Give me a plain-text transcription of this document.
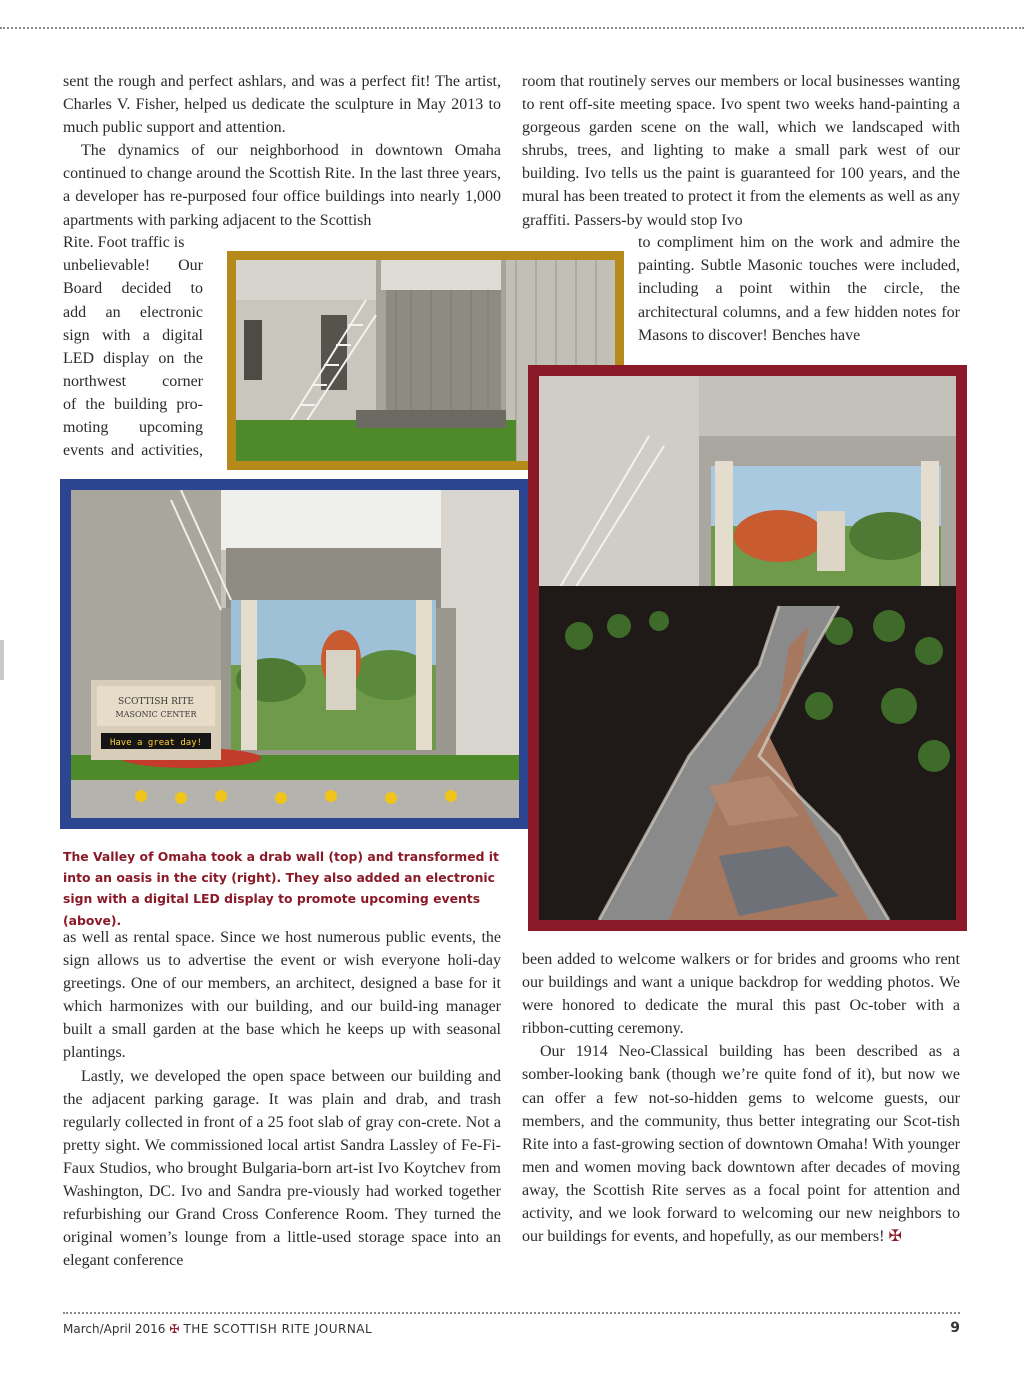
sent the rough and perfect ashlars, and was a perfect fit! The artist, Charles V. Fisher, helped us dedicate the sculpture in May 2013 to much public support and attention.

The dynamics of our neighborhood in downtown Omaha continued to change around the Scottish Rite. In the last three years, a developer has re-purposed four office buildings into nearly 1,000 apartments with parking adjacent to the Scottish

Rite. Foot traffic is
unbelievable! Our
Board decided to
add an electronic
sign with a digital
LED display on the
northwest corner
of the building pro-
moting upcoming
events and activities,

as well as rental space. Since we host numerous public events, the sign allows us to advertise the event or wish everyone holi-day greetings. One of our members, an architect, designed a base for it which harmonizes with our building, and our build-ing manager built a small garden at the base which he keeps up with seasonal plantings.

Lastly, we developed the open space between our building and the adjacent parking garage. It was plain and drab, and trash regularly collected in front of a 25 foot slab of gray con-crete. Not a pretty sight. We commissioned local artist Sandra Lassley of Fe-Fi-Faux Studios, who brought Bulgaria-born art-ist Ivo Koytchev from Washington, DC. Ivo and Sandra pre-viously had worked together refurbishing our Grand Cross Conference Room. They turned the original women’s lounge from a little-used storage space into an elegant conference

room that routinely serves our members or local businesses wanting to rent off-site meeting space. Ivo spent two weeks hand-painting a gorgeous garden scene on the wall, which we landscaped with shrubs, trees, and lighting to make a small park west of our building. Ivo tells us the paint is guaranteed for 100 years, and the mural has been treated to protect it from the elements as well as any graffiti. Passers-by would stop Ivo

to compliment him on the work and admire the painting. Subtle Masonic touches were included, including a point within the circle, the architectural columns, and a few hidden notes for Masons to discover! Benches have

been added to welcome walkers or for brides and grooms who rent our buildings and want a unique backdrop for wedding photos. We were honored to dedicate the mural this past Oc-tober with a ribbon-cutting ceremony.

Our 1914 Neo-Classical building has been described as a somber-looking bank (though we’re quite fond of it), but now we can offer a few not-so-hidden gems to welcome guests, our members, and the community, thus better integrating our Scot-tish Rite into a fast-growing section of downtown Omaha! With younger men and women moving back downtown after decades of moving away, the Scottish Rite serves as a focal point for attention and activity, and we look forward to welcoming our new neighbors to our buildings for events, and hopefully, as our members! ✠

SCOTTISH RITE
MASONIC CENTER
Have a great day!
The Valley of Omaha took a drab wall (top) and transformed it into an oasis in the city (right). They also added an electronic sign with a digital LED display to promote upcoming events (above).
March/April 2016 ✠ THE SCOTTISH RITE JOURNAL	9
